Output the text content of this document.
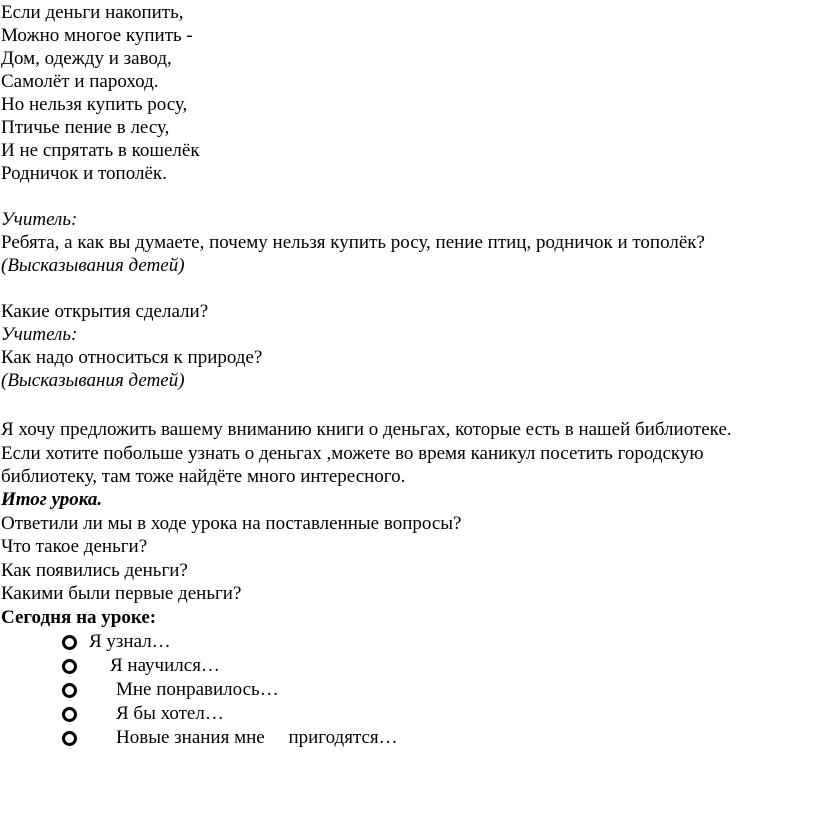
Если деньги накопить,
Можно многое купить -
Дом, одежду и завод,
Самолёт и пароход.
Но нельзя купить росу,
Птичье пение в лесу,
И не спрятать в кошелёк
Родничок и тополёк.
Учитель:
Ребята, а как вы думаете, почему нельзя купить росу, пение птиц, родничок и тополёк?
(Высказывания детей)
Какие открытия сделали?
Учитель:
Как надо относиться к природе?
(Высказывания детей)
Я хочу предложить вашему вниманию книги о деньгах, которые есть в нашей библиотеке.
Если хотите побольше узнать о деньгах ,можете во время каникул посетить городскую
библиотеку, там тоже найдёте много интересного.
Итог урока.
Ответили ли мы в ходе урока на поставленные вопросы?
Что такое деньги?
Как появились деньги?
Какими были первые деньги?
Сегодня на уроке:

Я узнал…

Я научился…

Мне понравилось…

Я бы хотел…

Новые знания мне     пригодятся…
